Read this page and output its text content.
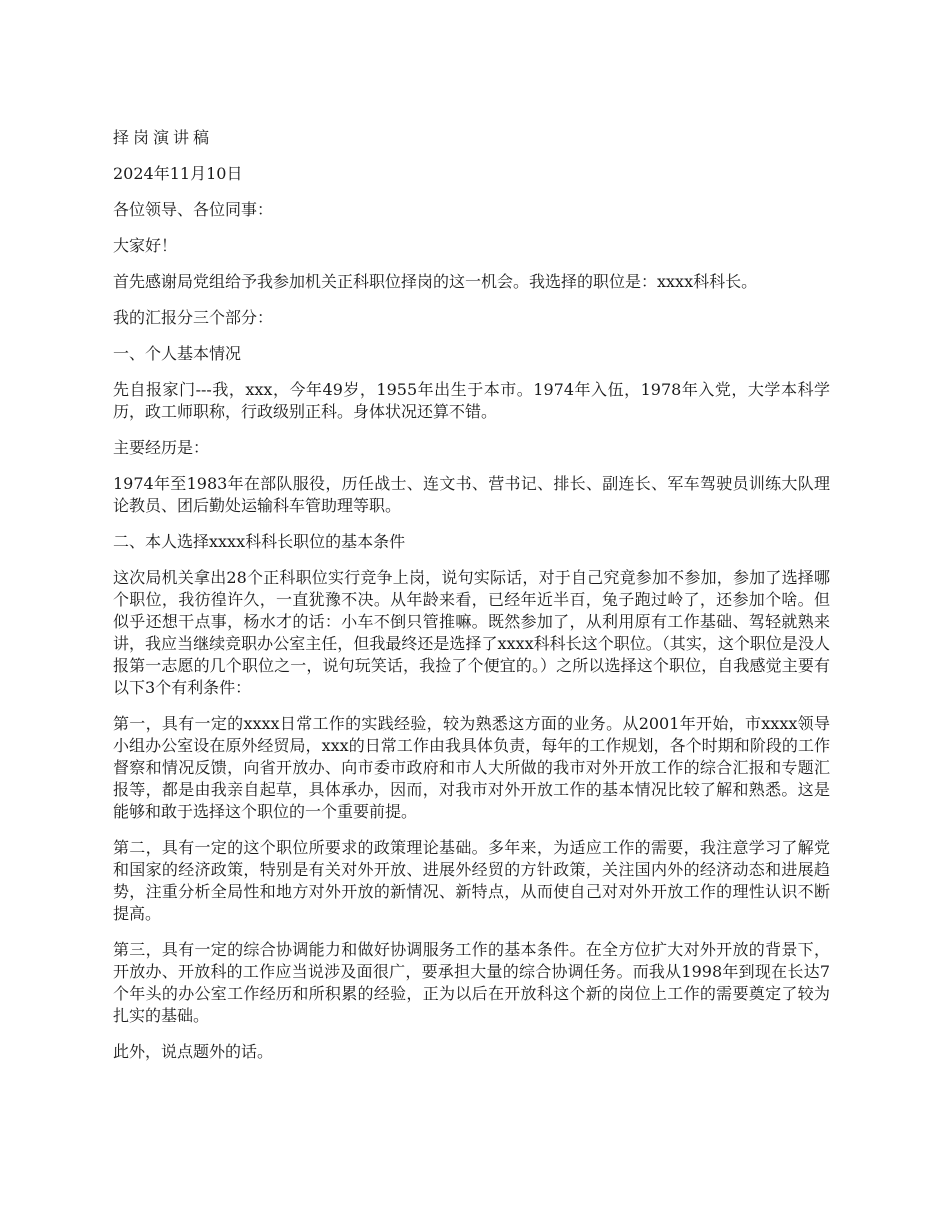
择岗演讲稿

2024年11月10日

各位领导、各位同事：

大家好！

首先感谢局党组给予我参加机关正科职位择岗的这一机会。我选择的职位是：xxxx科科长。

我的汇报分三个部分：

一、个人基本情况

先自报家门---我，xxx，今年49岁，1955年出生于本市。1974年入伍，1978年入党，大学本科学历，政工师职称，行政级别正科。身体状况还算不错。

主要经历是：

1974年至1983年在部队服役，历任战士、连文书、营书记、排长、副连长、军车驾驶员训练大队理论教员、团后勤处运输科车管助理等职。

二、本人选择xxxx科科长职位的基本条件

这次局机关拿出28个正科职位实行竞争上岗，说句实际话，对于自己究竟参加不参加，参加了选择哪个职位，我彷徨许久，一直犹豫不决。从年龄来看，已经年近半百，兔子跑过岭了，还参加个啥。但似乎还想干点事，杨水才的话：小车不倒只管推嘛。既然参加了，从利用原有工作基础、驾轻就熟来讲，我应当继续竞职办公室主任，但我最终还是选择了xxxx科科长这个职位。（其实，这个职位是没人报第一志愿的几个职位之一，说句玩笑话，我捡了个便宜的。）之所以选择这个职位，自我感觉主要有以下3个有利条件：

第一，具有一定的xxxx日常工作的实践经验，较为熟悉这方面的业务。从2001年开始，市xxxx领导小组办公室设在原外经贸局，xxx的日常工作由我具体负责，每年的工作规划，各个时期和阶段的工作督察和情况反馈，向省开放办、向市委市政府和市人大所做的我市对外开放工作的综合汇报和专题汇报等，都是由我亲自起草，具体承办，因而，对我市对外开放工作的基本情况比较了解和熟悉。这是能够和敢于选择这个职位的一个重要前提。

第二，具有一定的这个职位所要求的政策理论基础。多年来，为适应工作的需要，我注意学习了解党和国家的经济政策，特别是有关对外开放、进展外经贸的方针政策，关注国内外的经济动态和进展趋势，注重分析全局性和地方对外开放的新情况、新特点，从而使自己对对外开放工作的理性认识不断提高。

第三，具有一定的综合协调能力和做好协调服务工作的基本条件。在全方位扩大对外开放的背景下，开放办、开放科的工作应当说涉及面很广，要承担大量的综合协调任务。而我从1998年到现在长达7个年头的办公室工作经历和所积累的经验，正为以后在开放科这个新的岗位上工作的需要奠定了较为扎实的基础。

此外，说点题外的话。
